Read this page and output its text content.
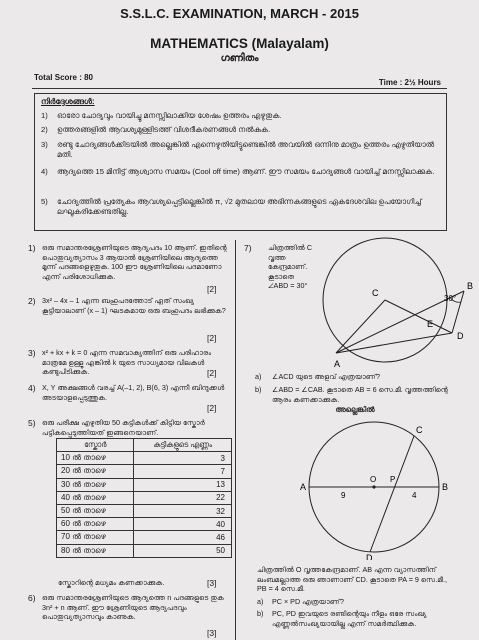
S.S.L.C. EXAMINATION, MARCH - 2015
MATHEMATICS (Malayalam)
ഗണിതം
Total Score : 80
Time : 2½ Hours
നിർദ്ദേശങ്ങൾ:
1) ഓരോ ചോദ്യവും വായിച്ചു മനസ്സിലാക്കിയ ശേഷം ഉത്തരം എഴുതുക.
2) ഉത്തരങ്ങളിൽ ആവശ്യമുള്ളിടത്ത് വിശദീകരണങ്ങൾ നൽകുക.
3) രണ്ടു ചോദ്യങ്ങൾക്കിടയിൽ അല്ലെങ്കിൽ എന്നെഴുതിയിട്ടുണ്ടെങ്കിൽ അവയിൽ ഒന്നിനു മാത്രം ഉത്തരം എഴുതിയാൽ മതി.
4) ആദ്യത്തെ 15 മിനിട്ട് ആശ്വാസ സമയം (Cool off time) ആണ്. ഈ സമയം ചോദ്യങ്ങൾ വായിച്ച് മനസ്സിലാക്കുക.
5) ചോദ്യത്തിൽ പ്രത്യേകം ആവശ്യപ്പെട്ടില്ലെങ്കിൽ π, √2 മുതലായ അഭിന്നകങ്ങളുടെ ഏകദേശവില ഉപയോഗിച്ച് ലഘൂകരിക്കേണ്ടതില്ല.
1) ഒരു സമാന്തരശ്രേണിയുടെ ആദ്യപദം 10 ആണ്. ഇതിന്റെ പൊതുവ്യത്യാസം 3 ആയാൽ ശ്രേണിയിലെ ആദ്യത്തെ മൂന്ന് പദങ്ങളെഴുതുക. 100 ഈ ശ്രേണിയിലെ പദമാണോ എന്ന് പരിശോധിക്കുക.
[2]
2) 3x² – 4x – 1 എന്ന ബഹുപദത്തോട് ഏത് സംഖ്യ കൂട്ടിയാലാണ് (x – 1) ഘടകമായ ഒരു ബഹുപദം ലഭിക്കുക?
[2]
3) x² + kx + k = 0 എന്ന സമവാക്യത്തിന് ഒരു പരിഹാരം മാത്രമേ ഉള്ളൂ എങ്കിൽ k യുടെ സാധ്യമായ വിലകൾ കണ്ടുപിടിക്കുക.	[2]
4) X, Y അക്ഷങ്ങൾ വരച്ച് A(–1, 2), B(6, 3) എന്നീ ബിന്ദുക്കൾ അടയാളപ്പെടുത്തുക.
[2]
5) ഒരു പരീക്ഷ എഴുതിയ 50 കുട്ടികൾക്ക് കിട്ടിയ സ്കോർ പട്ടികപ്പെടുത്തിയത് ഇങ്ങനെയാണ്.
സ്കോർ	കുട്ടികളുടെ എണ്ണം
10 ൽ താഴെ	3
20 ൽ താഴെ	7
30 ൽ താഴെ	13
40 ൽ താഴെ	22
50 ൽ താഴെ	32
60 ൽ താഴെ	40
70 ൽ താഴെ	46
80 ൽ താഴെ	50
സ്കോറിന്റെ മധ്യമം കണക്കാക്കുക.	[3]
6) ഒരു സമാന്തരശ്രേണിയുടെ ആദ്യത്തെ n പദങ്ങളുടെ തുക 3n² + n ആണ്. ഈ ശ്രേണിയുടെ ആദ്യപദവും പൊതുവ്യത്യാസവും കാണുക.
[3]
7) ചിത്രത്തിൽ C വൃത്ത കേന്ദ്രമാണ്. കൂടാതെ ∠ABD = 30°
A
B
C
D
E
30°
a) ∠ACD യുടെ അളവ് എത്രയാണ്?
b) ∠ABD = ∠CAB. കൂടാതെ AB = 6 സെ.മീ. വൃത്തത്തിന്റെ ആരം കണക്കാക്കുക.
അല്ലെങ്കിൽ
A	B
C
D
O P
9	4
ചിത്രത്തിൽ O വൃത്തകേന്ദ്രമാണ്. AB എന്ന വ്യാസത്തിന് ലംബമല്ലാത്ത ഒരു ഞാണാണ് CD. കൂടാതെ PA = 9 സെ.മീ., PB = 4 സെ.മീ.
a) PC × PD എത്രയാണ്?
b) PC, PD ഇവയുടെ രണ്ടിന്റെയും നീളം ഒരേ സംഖ്യ എണ്ണൽസംഖ്യയായില്ല എന്ന് സമർത്ഥിക്കുക.
